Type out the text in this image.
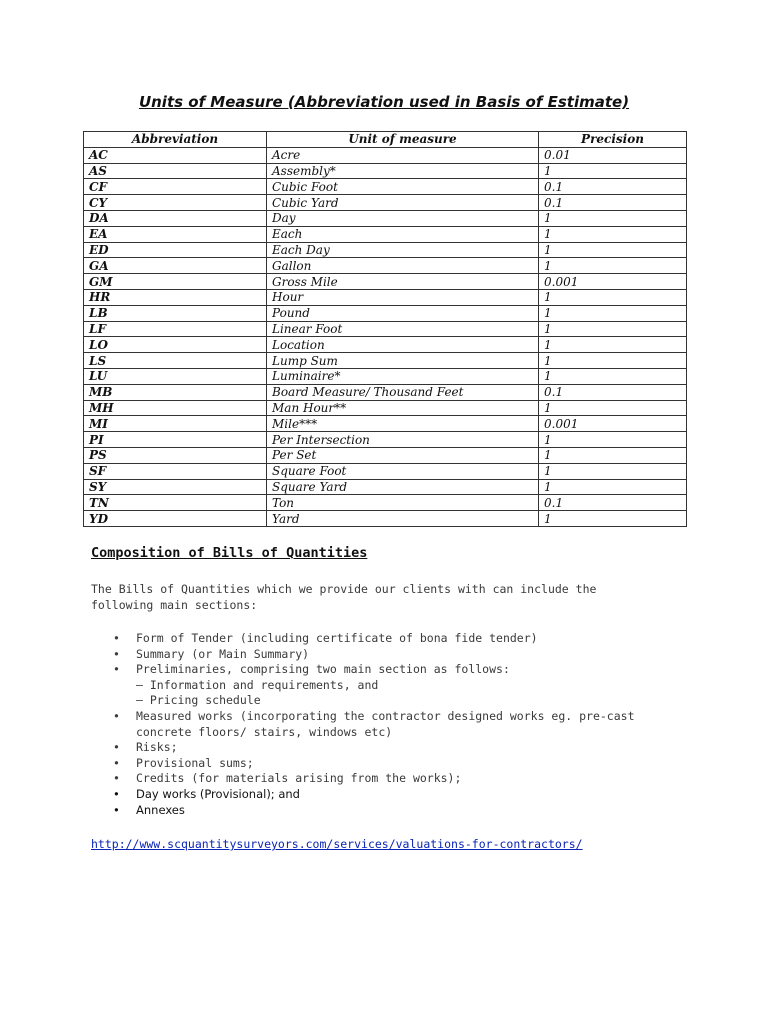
Units of Measure (Abbreviation used in Basis of Estimate)
Abbreviation	Unit of measure	Precision
AC	Acre	0.01
AS	Assembly*	1
CF	Cubic Foot	0.1
CY	Cubic Yard	0.1
DA	Day	1
EA	Each	1
ED	Each Day	1
GA	Gallon	1
GM	Gross Mile	0.001
HR	Hour	1
LB	Pound	1
LF	Linear Foot	1
LO	Location	1
LS	Lump Sum	1
LU	Luminaire*	1
MB	Board Measure/ Thousand Feet	0.1
MH	Man Hour**	1
MI	Mile***	0.001
PI	Per Intersection	1
PS	Per Set	1
SF	Square Foot	1
SY	Square Yard	1
TN	Ton	0.1
YD	Yard	1
Composition of Bills of Quantities
The Bills of Quantities which we provide our clients with can include the following main sections:
• Form of Tender (including certificate of bona fide tender)
• Summary (or Main Summary)
• Preliminaries, comprising two main section as follows:
– Information and requirements, and
– Pricing schedule
• Measured works (incorporating the contractor designed works eg. pre-cast concrete floors/ stairs, windows etc)
• Risks;
• Provisional sums;
• Credits (for materials arising from the works);
• Day works (Provisional); and
• Annexes
http://www.scquantitysurveyors.com/services/valuations-for-contractors/
